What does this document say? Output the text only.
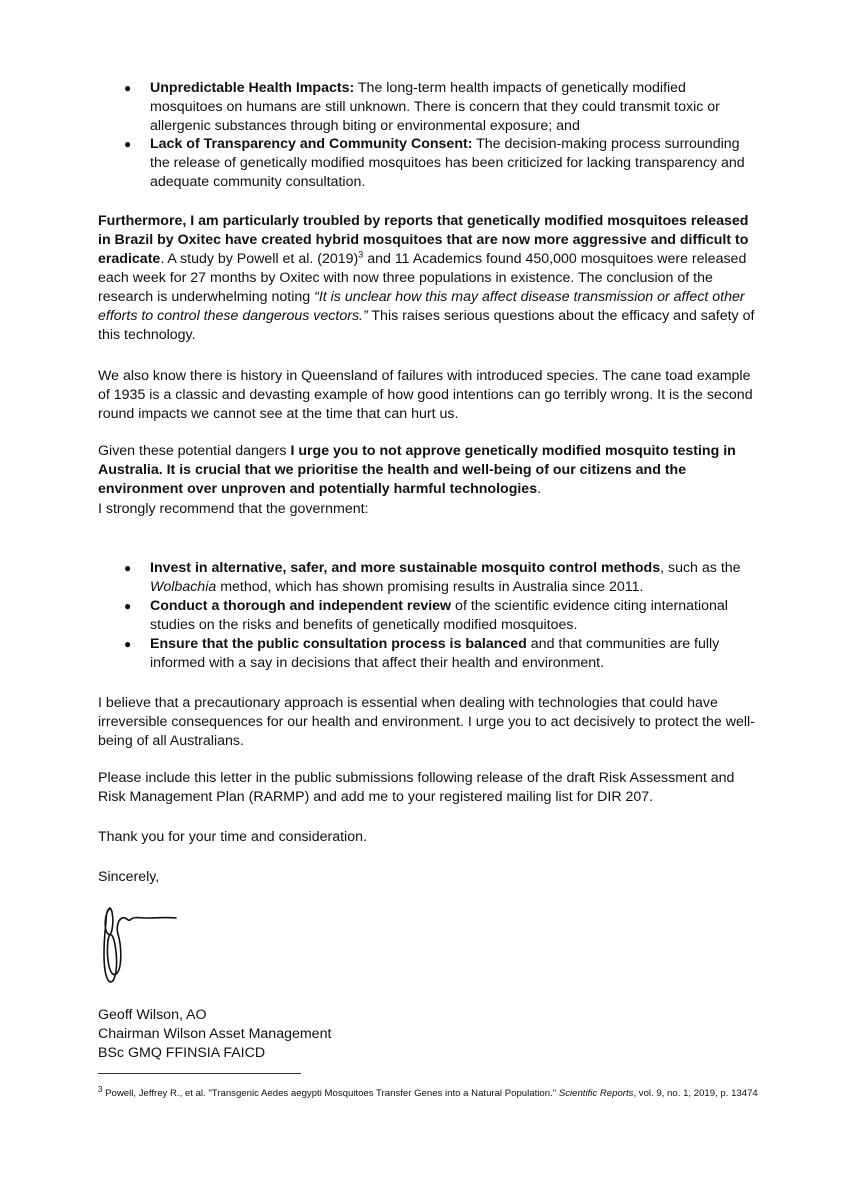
● Unpredictable Health Impacts: The long-term health impacts of genetically modified mosquitoes on humans are still unknown. There is concern that they could transmit toxic or allergenic substances through biting or environmental exposure; and
● Lack of Transparency and Community Consent: The decision-making process surrounding the release of genetically modified mosquitoes has been criticized for lacking transparency and adequate community consultation.
Furthermore, I am particularly troubled by reports that genetically modified mosquitoes released in Brazil by Oxitec have created hybrid mosquitoes that are now more aggressive and difficult to eradicate. A study by Powell et al. $(2019)^3$ and 11 Academics found 450,000 mosquitoes were released each week for 27 months by Oxitec with now three populations in existence. The conclusion of the research is underwhelming noting “It is unclear how this may affect disease transmission or affect other efforts to control these dangerous vectors.” This raises serious questions about the efficacy and safety of this technology.
We also know there is history in Queensland of failures with introduced species. The cane toad example of 1935 is a classic and devasting example of how good intentions can go terribly wrong. It is the second round impacts we cannot see at the time that can hurt us.
Given these potential dangers I urge you to not approve genetically modified mosquito testing in Australia. It is crucial that we prioritise the health and well-being of our citizens and the environment over unproven and potentially harmful technologies.
I strongly recommend that the government:
● Invest in alternative, safer, and more sustainable mosquito control methods, such as the Wolbachia method, which has shown promising results in Australia since 2011.
● Conduct a thorough and independent review of the scientific evidence citing international studies on the risks and benefits of genetically modified mosquitoes.
● Ensure that the public consultation process is balanced and that communities are fully informed with a say in decisions that affect their health and environment.
I believe that a precautionary approach is essential when dealing with technologies that could have irreversible consequences for our health and environment. I urge you to act decisively to protect the well-being of all Australians.
Please include this letter in the public submissions following release of the draft Risk Assessment and Risk Management Plan (RARMP) and add me to your registered mailing list for DIR 207.
Thank you for your time and consideration.
Sincerely,
Geoff Wilson, AO
Chairman Wilson Asset Management
BSc GMQ FFINSIA FAICD
$^3$ Powell, Jeffrey R., et al. "Transgenic Aedes aegypti Mosquitoes Transfer Genes into a Natural Population." Scientific Reports, vol. 9, no. 1, 2019, p. 13474
